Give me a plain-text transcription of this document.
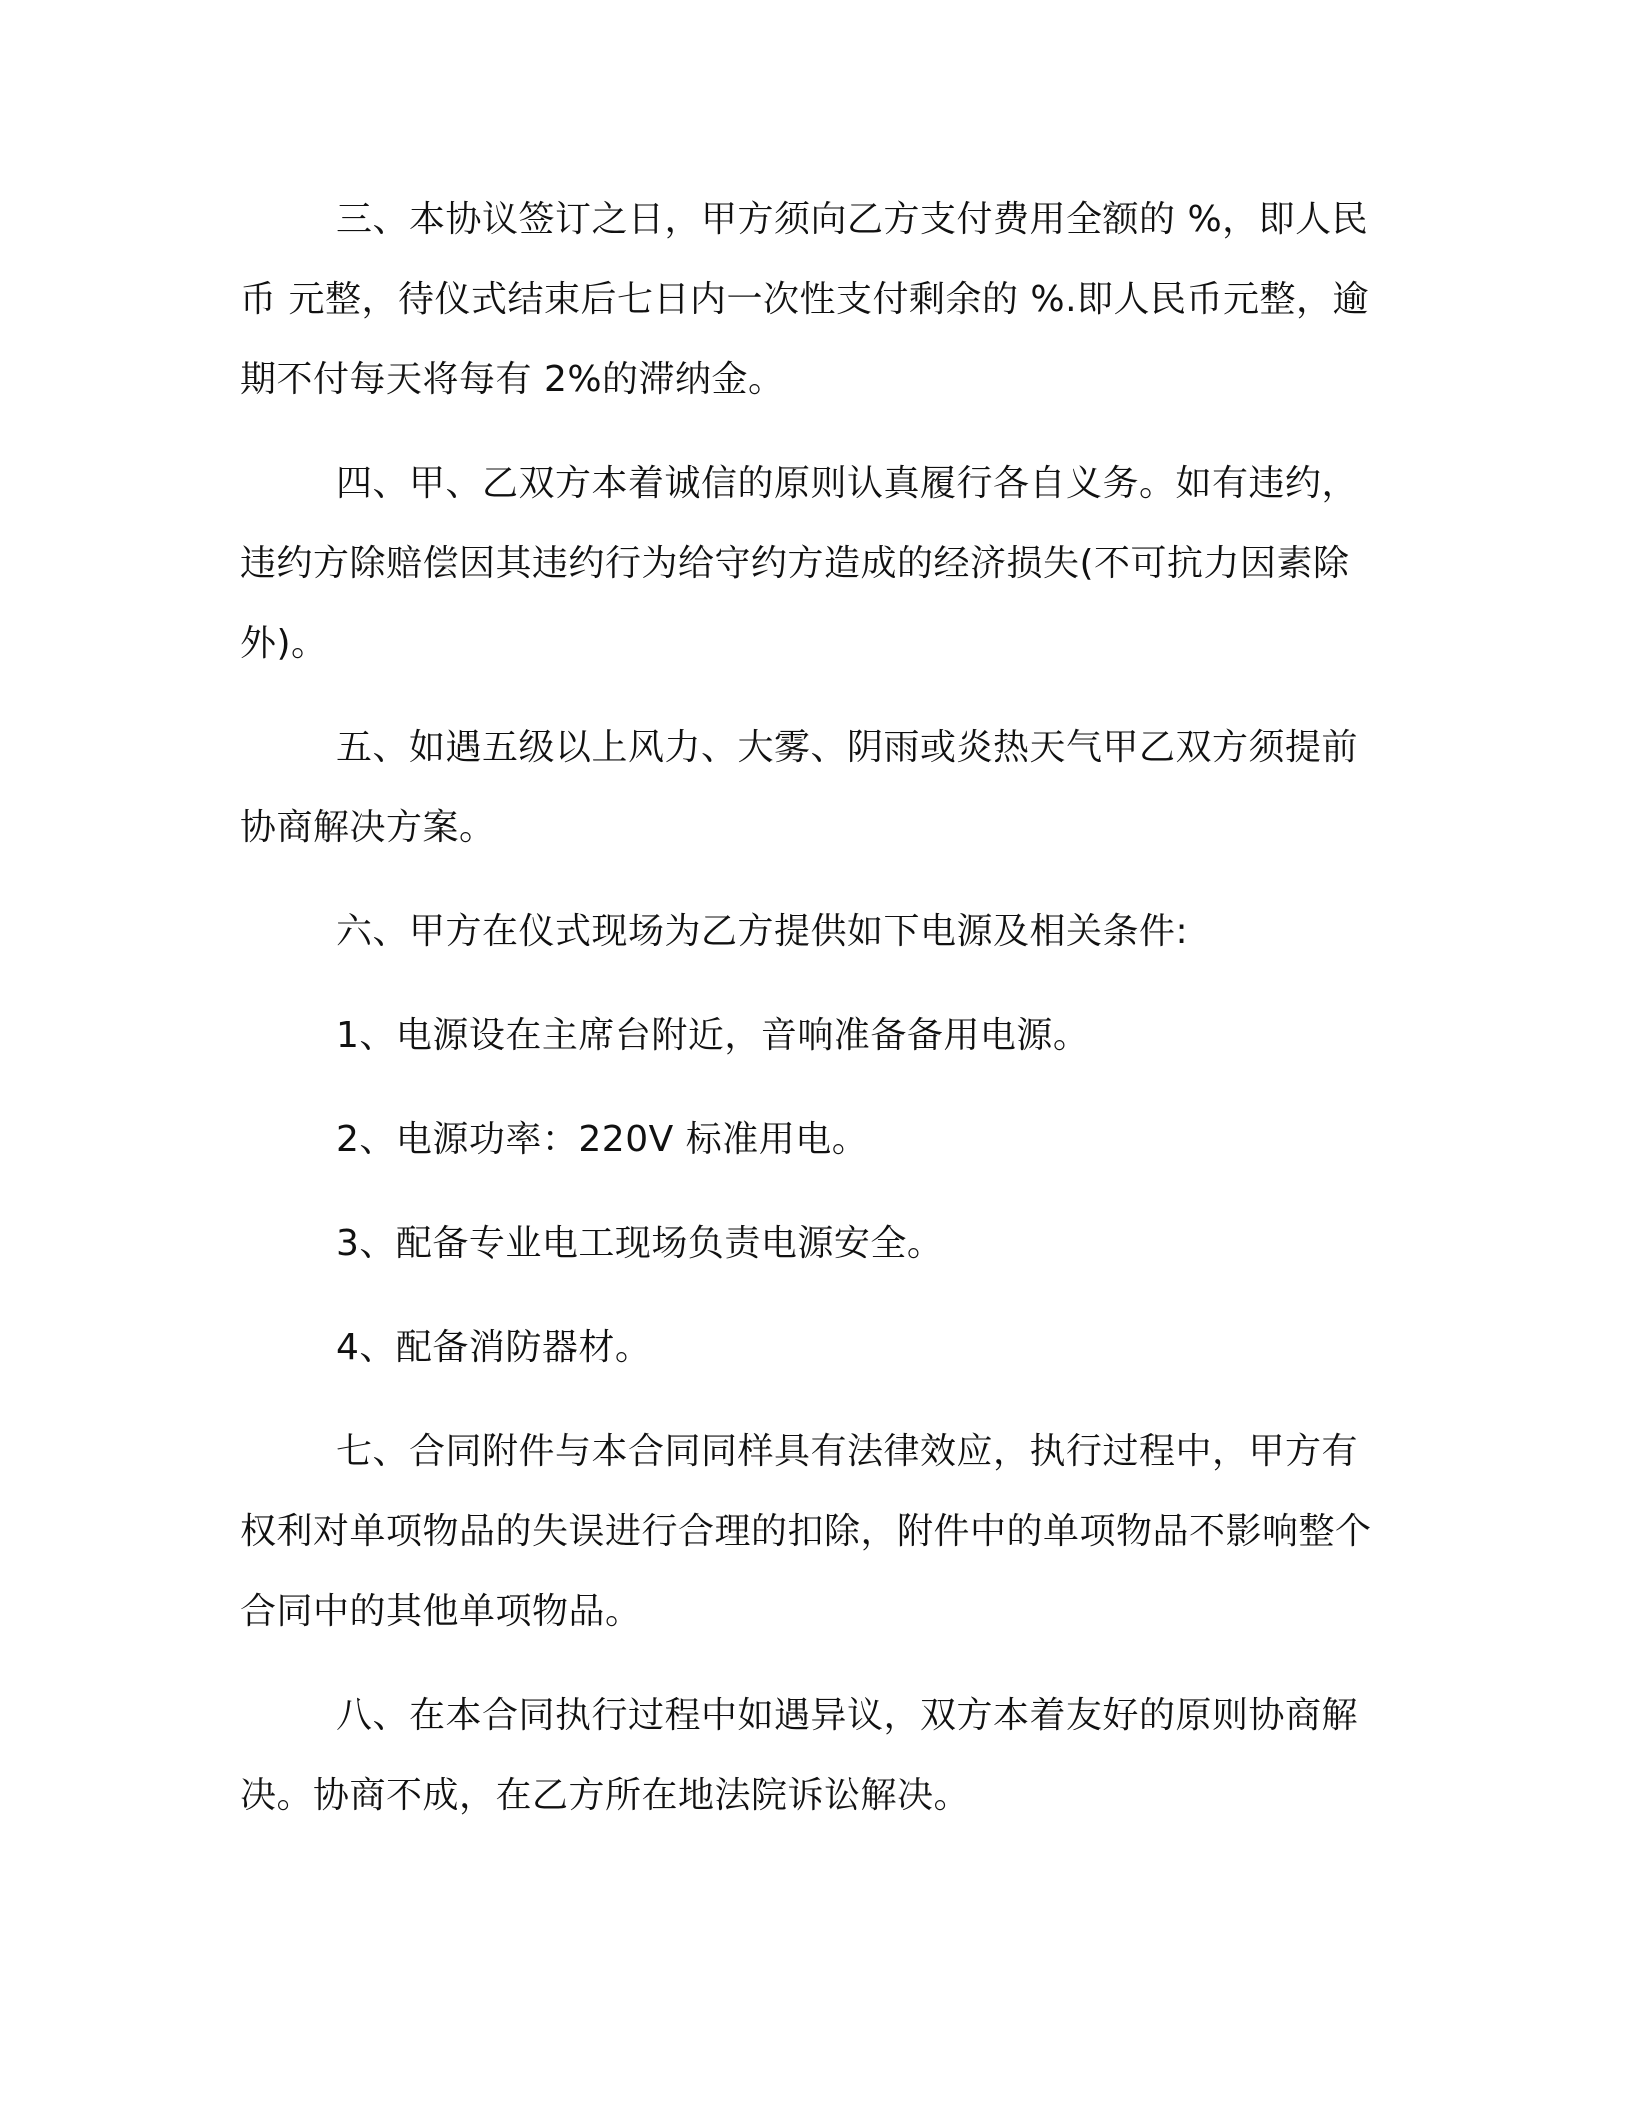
三、本协议签订之日，甲方须向乙方支付费用全额的 %，即人民币 元整，待仪式结束后七日内一次性支付剩余的 %.即人民币元整，逾期不付每天将每有 2%的滞纳金。

四、甲、乙双方本着诚信的原则认真履行各自义务。如有违约，违约方除赔偿因其违约行为给守约方造成的经济损失(不可抗力因素除外)。

五、如遇五级以上风力、大雾、阴雨或炎热天气甲乙双方须提前协商解决方案。

六、甲方在仪式现场为乙方提供如下电源及相关条件:

1、电源设在主席台附近，音响准备备用电源。

2、电源功率：220V 标准用电。

3、配备专业电工现场负责电源安全。

4、配备消防器材。

七、合同附件与本合同同样具有法律效应，执行过程中，甲方有权利对单项物品的失误进行合理的扣除，附件中的单项物品不影响整个合同中的其他单项物品。

八、在本合同执行过程中如遇异议，双方本着友好的原则协商解决。协商不成，在乙方所在地法院诉讼解决。
